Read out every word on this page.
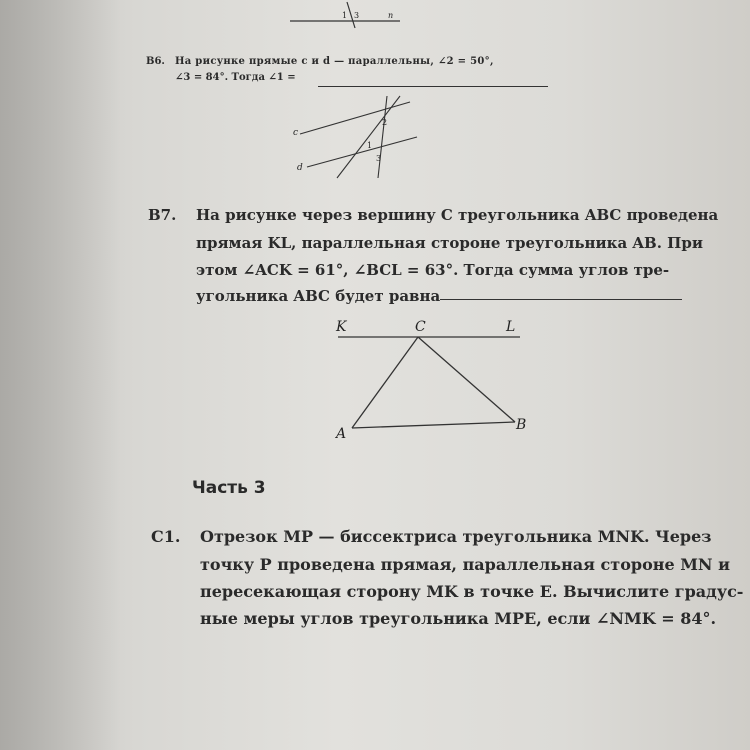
1 3	n
B6. На рисунке прямые c и d — параллельны, ∠2 = 50°,
∠3 = 84°. Тогда ∠1 =
c
d
2
1
3
B7. На рисунке через вершину C треугольника ABC проведена
прямая KL, параллельная стороне треугольника AB. При
этом ∠ACK = 61°, ∠BCL = 63°. Тогда сумма углов тре-
угольника ABC будет равна
K	C	L
A
B
Часть 3
C1. Отрезок MP — биссектриса треугольника MNK. Через
точку P проведена прямая, параллельная стороне MN и
пересекающая сторону MK в точке E. Вычислите градус-
ные меры углов треугольника MPE, если ∠NMK = 84°.
